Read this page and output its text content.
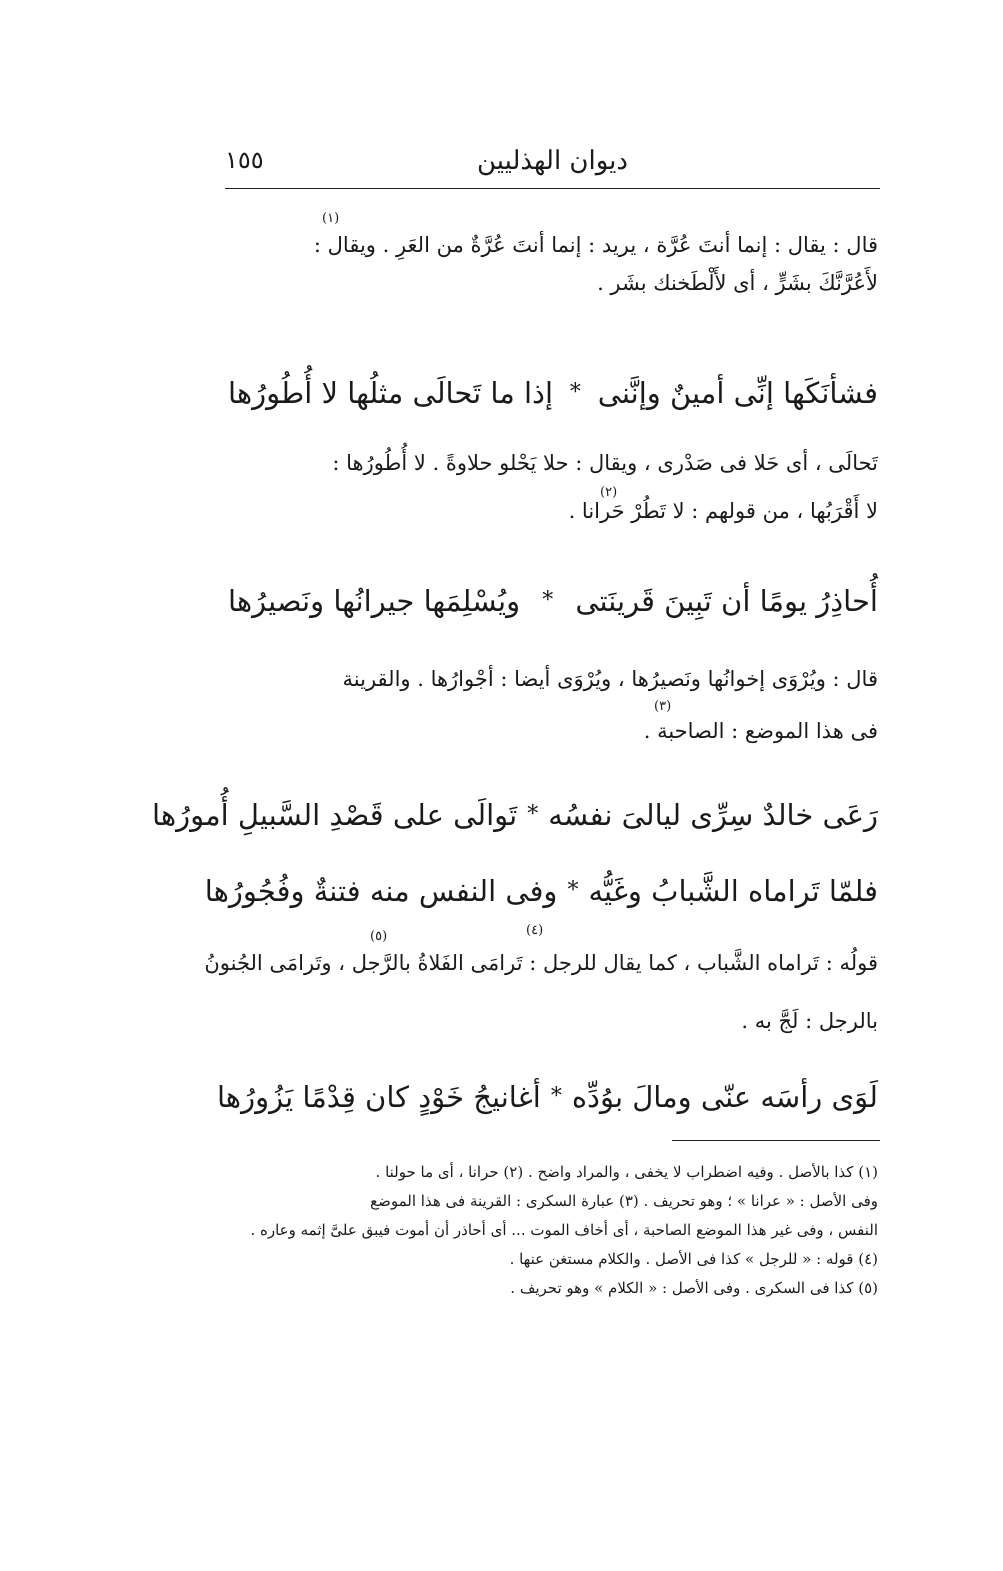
ديوان الهذليين
١٥٥
(١)
قال : يقال : إنما أنتَ عُرَّة ، يريد : إنما أنتَ عُرَّةٌ من العَرِ . ويقال :
لأَعُرَّنَّكَ بشَرٍّ ، أى لأَلْطَخنك بشَر .
فشأنَكَها إنِّى أمينٌ وإنَّنى
*
إذا ما تَحالَى مثلُها لا أُطُورُها
(٢)
تَحالَى ، أى حَلا فى صَدْرى ، ويقال : حلا يَحْلو حلاوةً . لا أُطُورُها :
لا أَقْرَبُها ، من قولهم : لا تَطُرْ حَرانا .
أُحاذِرُ يومًا أن تَبِينَ قَرينَتى
*
ويُسْلِمَها جيرانُها ونَصيرُها
(٣)
قال : ويُرْوَى إخوانُها ونَصيرُها ، ويُرْوَى أيضا : أجْوارُها . والقرينة
فى هذا الموضع : الصاحبة .
رَعَى خالدٌ سِرِّى ليالىَ نفسُه
*
تَوالَى على قَصْدِ السَّبيلِ أُمورُها
فلمّا تَراماه الشَّبابُ وغَيُّه
*
وفى النفس منه فتنةٌ وفُجُورُها
(٤)
(٥)
قولُه : تَراماه الشَّباب ، كما يقال للرجل : تَرامَى الفَلاةُ بالرَّجل ، وتَرامَى الجُنونُ
بالرجل : لَجَّ به .
لَوَى رأسَه عنّى ومالَ بوُدِّه
*
أغانيجُ خَوْدٍ كان قِدْمًا يَزُورُها
(١) كذا بالأصل . وفيه اضطراب لا يخفى ، والمراد واضح . (٢) حرانا ، أى ما حولنا .
وفى الأصل : « عرانا » ؛ وهو تحريف . (٣) عبارة السكرى : القرينة فى هذا الموضع
النفس ، وفى غير هذا الموضع الصاحبة ، أى أخاف الموت ... أى أحاذر أن أموت فيبق علىَّ إثمه وعاره .
(٤) قوله : « للرجل » كذا فى الأصل . والكلام مستغن عنها .
(٥) كذا فى السكرى . وفى الأصل : « الكلام » وهو تحريف .
